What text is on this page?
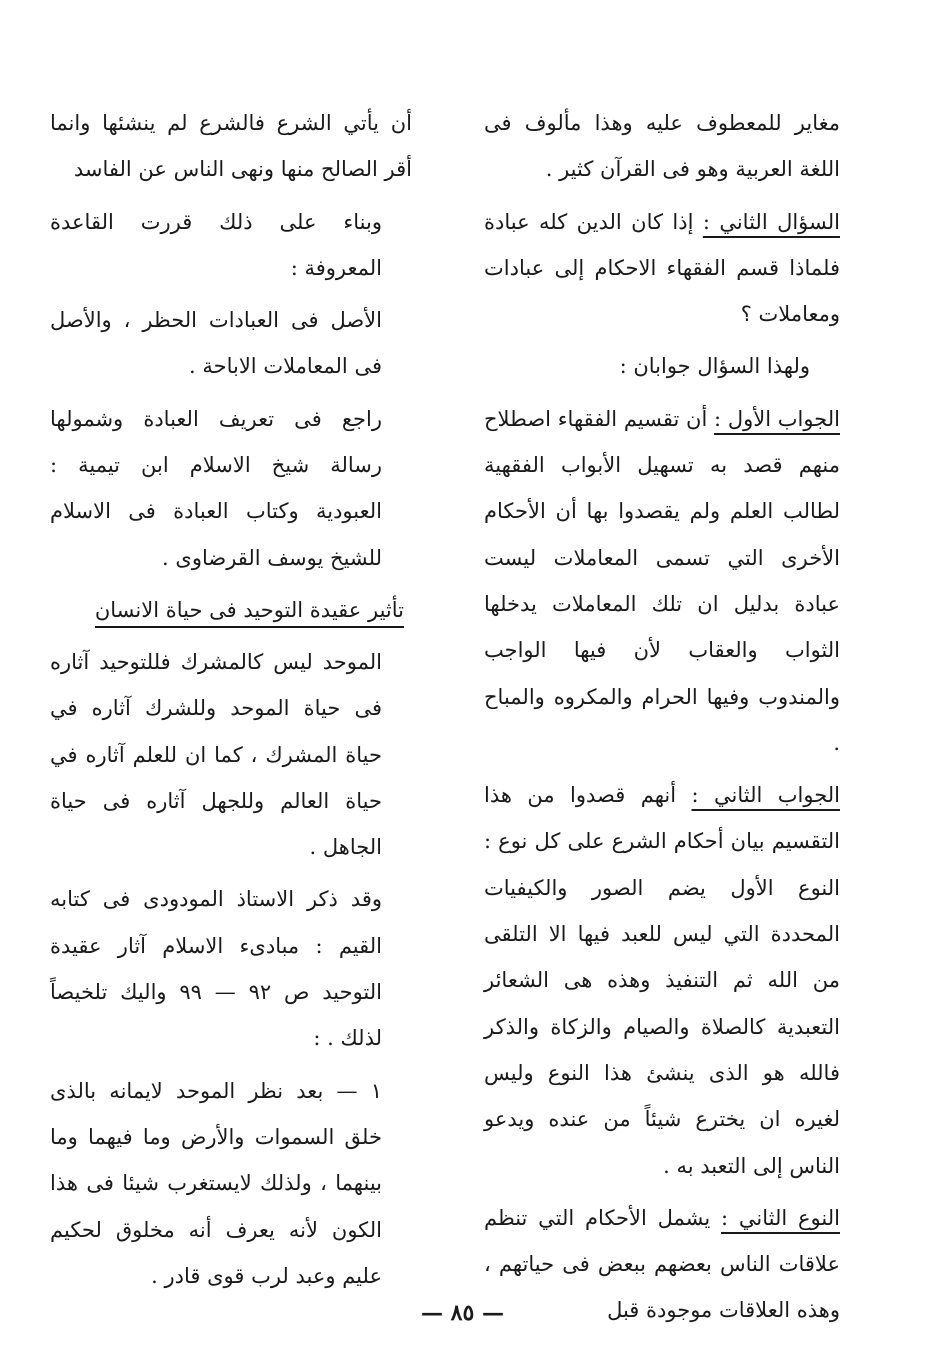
مغاير للمعطوف عليه وهذا مألوف فى اللغة العربية وهو فى القرآن كثير .

السؤال الثاني : إذا كان الدين كله عبادة فلماذا قسم الفقهاء الاحكام إلى عبادات ومعاملات ؟

ولهذا السؤال جوابان :

الجواب الأول : أن تقسيم الفقهاء اصطلاح منهم قصد به تسهيل الأبواب الفقهية لطالب العلم ولم يقصدوا بها أن الأحكام الأخرى التي تسمى المعاملات ليست عبادة بدليل ان تلك المعاملات يدخلها الثواب والعقاب لأن فيها الواجب والمندوب وفيها الحرام والمكروه والمباح .

الجواب الثاني : أنهم قصدوا من هذا التقسيم بيان أحكام الشرع على كل نوع : النوع الأول يضم الصور والكيفيات المحددة التي ليس للعبد فيها الا التلقى من الله ثم التنفيذ وهذه هى الشعائر التعبدية كالصلاة والصيام والزكاة والذكر فالله هو الذى ينشئ هذا النوع وليس لغيره ان يخترع شيئاً من عنده ويدعو الناس إلى التعبد به .

النوع الثاني : يشمل الأحكام التي تنظم علاقات الناس بعضهم ببعض فى حياتهم ، وهذه العلاقات موجودة قبل

أن يأتي الشرع فالشرع لم ينشئها وانما أقر الصالح منها ونهى الناس عن الفاسد

وبناء على ذلك قررت القاعدة المعروفة :

الأصل فى العبادات الحظر ، والأصل فى المعاملات الاباحة .

راجع فى تعريف العبادة وشمولها رسالة شيخ الاسلام ابن تيمية : العبودية وكتاب العبادة فى الاسلام للشيخ يوسف القرضاوى .

تأثير عقيدة التوحيد فى حياة الانسان

الموحد ليس كالمشرك فللتوحيد آثاره فى حياة الموحد وللشرك آثاره في حياة المشرك ، كما ان للعلم آثاره في حياة العالم وللجهل آثاره فى حياة الجاهل .

وقد ذكر الاستاذ المودودى فى كتابه القيم : مبادىء الاسلام آثار عقيدة التوحيد ص ٩٢ — ٩٩ واليك تلخيصاً لذلك . :

١ — بعد نظر الموحد لايمانه بالذى خلق السموات والأرض وما فيهما وما بينهما ، ولذلك لايستغرب شيئا فى هذا الكون لأنه يعرف أنه مخلوق لحكيم عليم وعبد لرب قوى قادر .

— ٨٥ —
